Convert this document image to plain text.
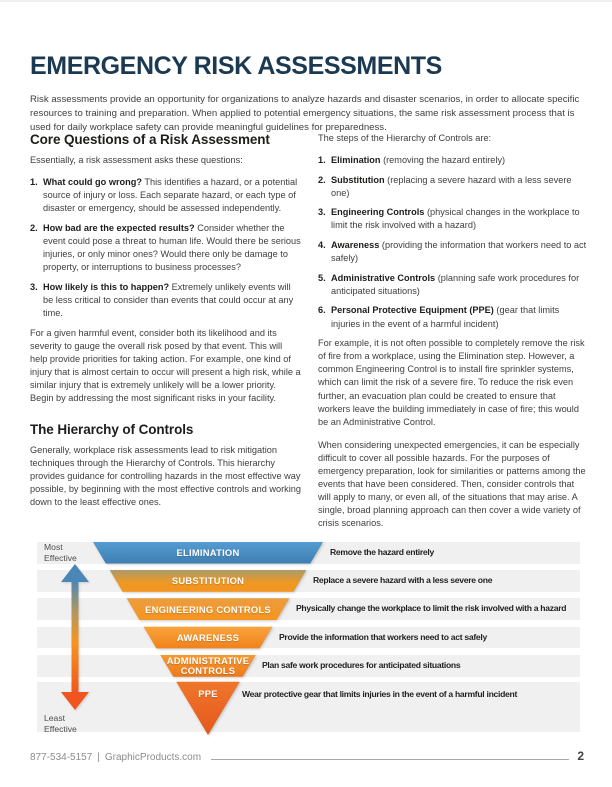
EMERGENCY RISK ASSESSMENTS

Risk assessments provide an opportunity for organizations to analyze hazards and disaster scenarios, in order to allocate specific resources to training and preparation. When applied to potential emergency situations, the same risk assessment process that is used for daily workplace safety can provide meaningful guidelines for preparedness.

Core Questions of a Risk Assessment

Essentially, a risk assessment asks these questions:

1. What could go wrong? This identifies a hazard, or a potential source of injury or loss. Each separate hazard, or each type of disaster or emergency, should be assessed independently.
2. How bad are the expected results? Consider whether the event could pose a threat to human life. Would there be serious injuries, or only minor ones? Would there only be damage to property, or interruptions to business processes?
3. How likely is this to happen? Extremely unlikely events will be less critical to consider than events that could occur at any time.

For a given harmful event, consider both its likelihood and its severity to gauge the overall risk posed by that event. This will help provide priorities for taking action. For example, one kind of injury that is almost certain to occur will present a high risk, while a similar injury that is extremely unlikely will be a lower priority. Begin by addressing the most significant risks in your facility.

The Hierarchy of Controls

Generally, workplace risk assessments lead to risk mitigation techniques through the Hierarchy of Controls. This hierarchy provides guidance for controlling hazards in the most effective way possible, by beginning with the most effective controls and working down to the least effective ones.

The steps of the Hierarchy of Controls are:

1. Elimination (removing the hazard entirely)
2. Substitution (replacing a severe hazard with a less severe one)
3. Engineering Controls (physical changes in the workplace to limit the risk involved with a hazard)
4. Awareness (providing the information that workers need to act safely)
5. Administrative Controls (planning safe work procedures for anticipated situations)
6. Personal Protective Equipment (PPE) (gear that limits injuries in the event of a harmful incident)

For example, it is not often possible to completely remove the risk of fire from a workplace, using the Elimination step. However, a common Engineering Control is to install fire sprinkler systems, which can limit the risk of a severe fire. To reduce the risk even further, an evacuation plan could be created to ensure that workers leave the building immediately in case of fire; this would be an Administrative Control.

When considering unexpected emergencies, it can be especially difficult to cover all possible hazards. For the purposes of emergency preparation, look for similarities or patterns among the events that have been considered. Then, consider controls that will apply to many, or even all, of the situations that may arise. A single, broad planning approach can then cover a wide variety of crisis scenarios.

Most Effective
Least Effective
ELIMINATION
SUBSTITUTION
ENGINEERING CONTROLS
AWARENESS
ADMINISTRATIVE CONTROLS
PPE
Remove the hazard entirely
Replace a severe hazard with a less severe one
Physically change the workplace to limit the risk involved with a hazard
Provide the information that workers need to act safely
Plan safe work procedures for anticipated situations
Wear protective gear that limits injuries in the event of a harmful incident
877-534-5157 | GraphicProducts.com	2
